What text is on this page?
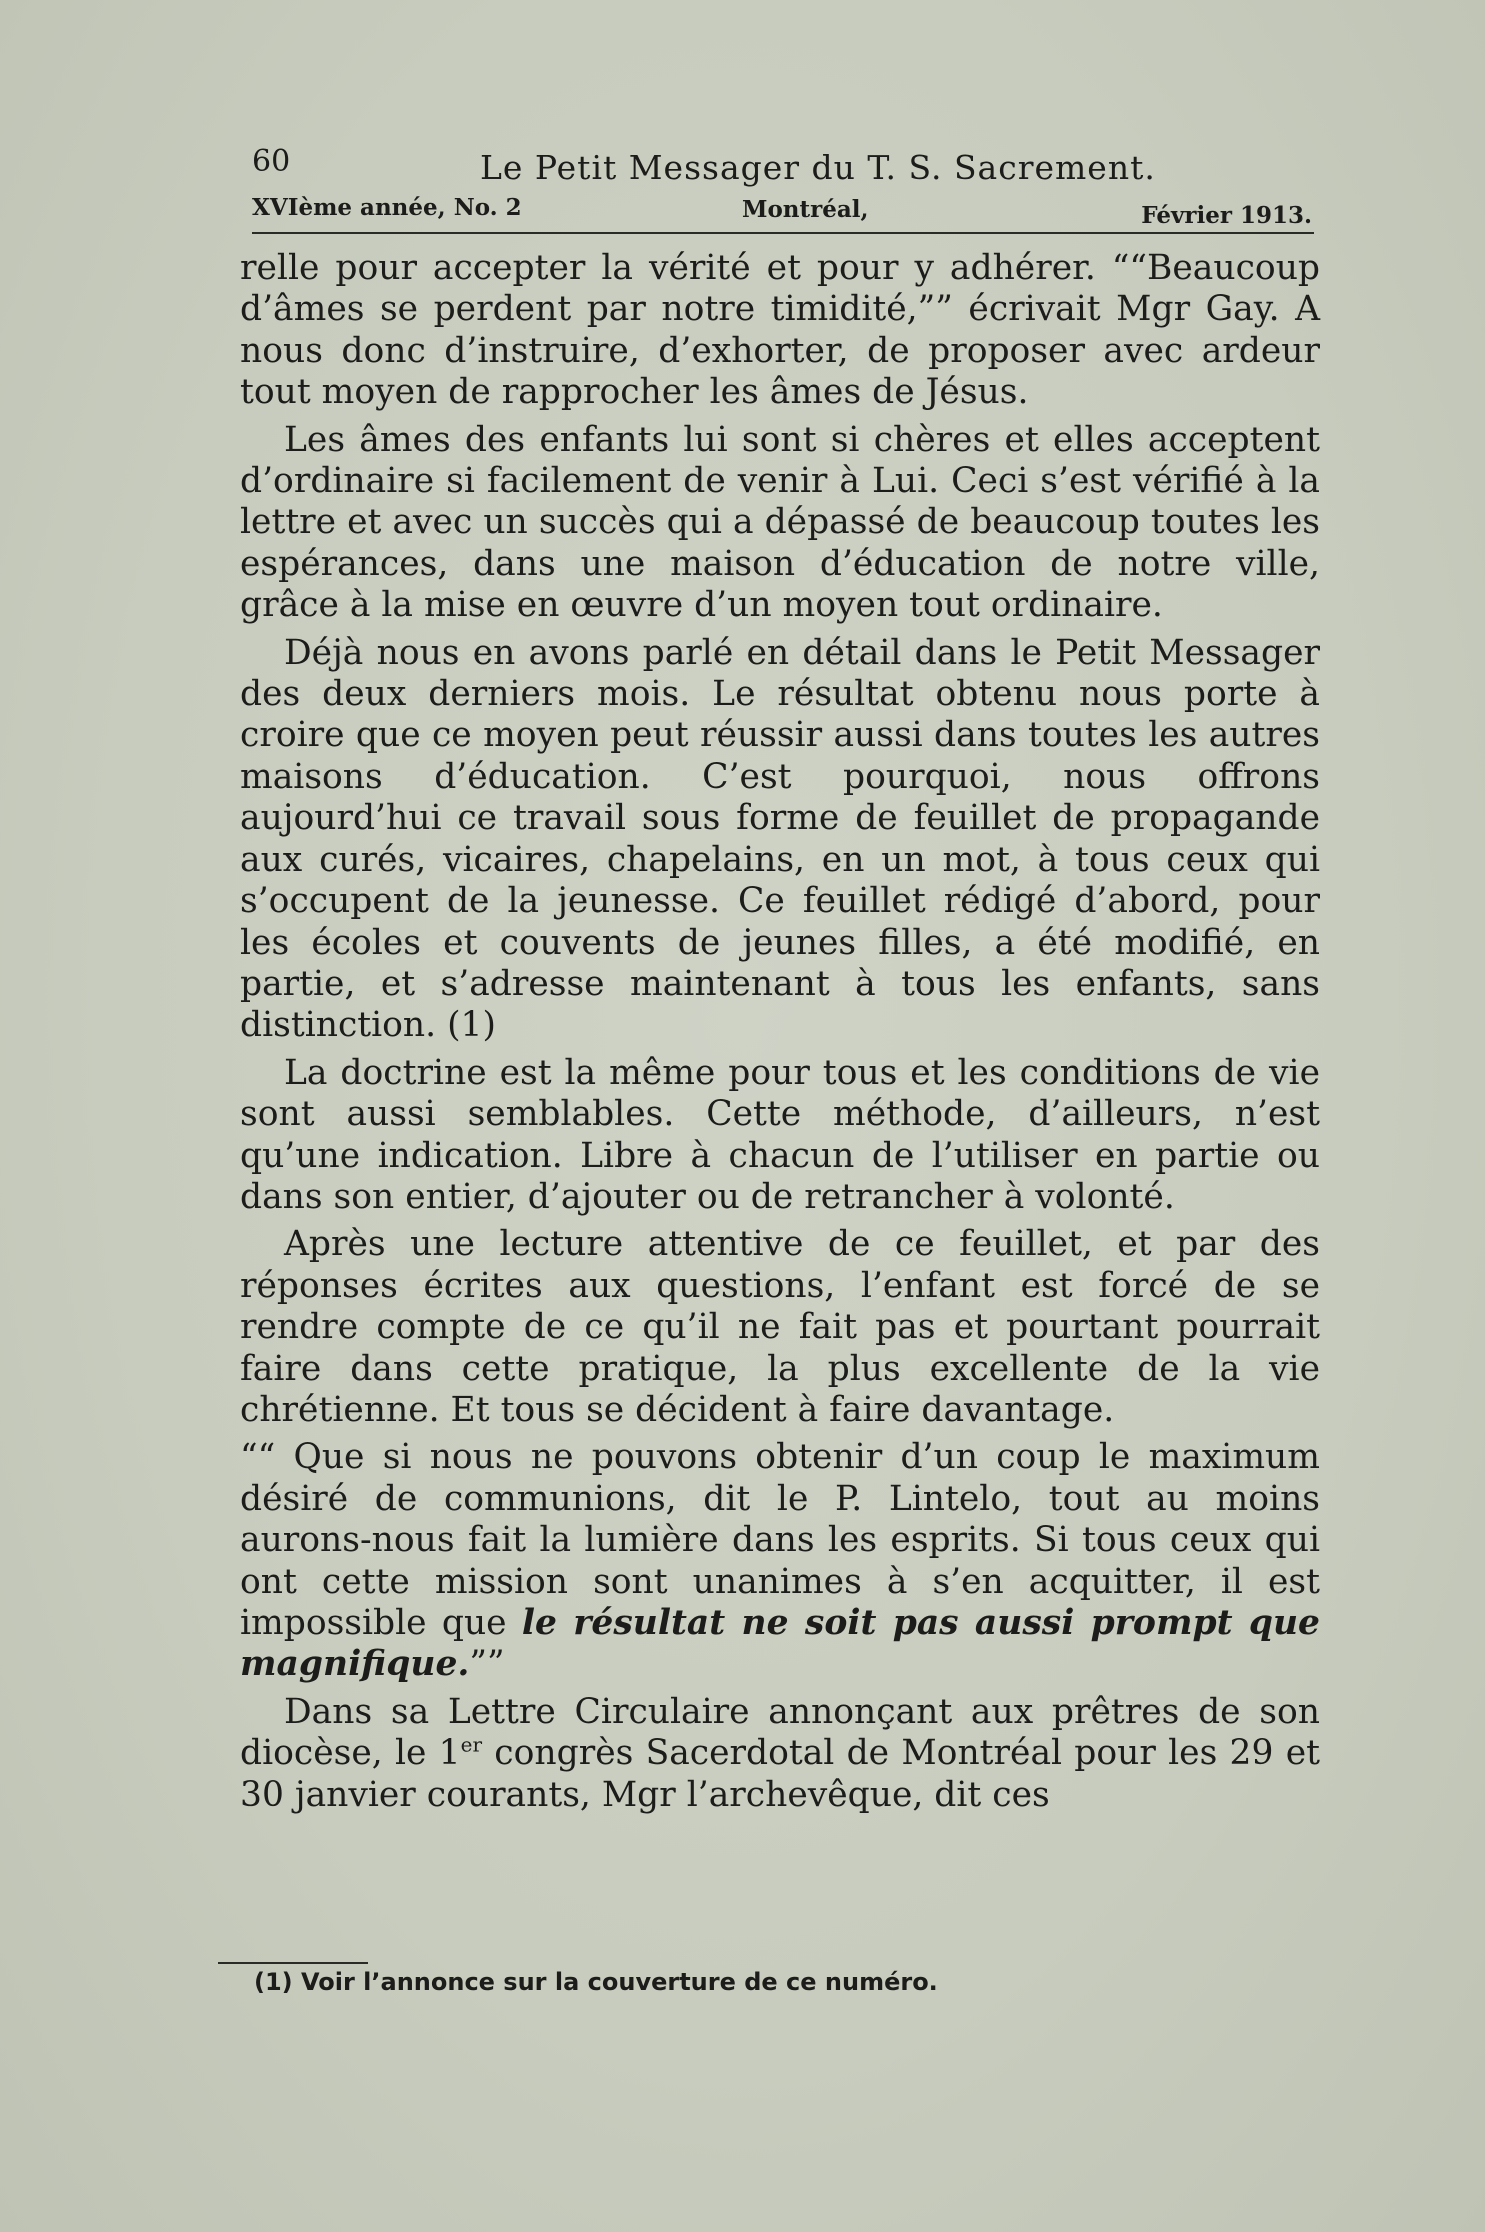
60	Le Petit Messager du T. S. Sacrement.
XVIème année, No. 2	Montréal,	Février 1913.

relle pour accepter la vérité et pour y adhérer. ““Beaucoup d’âmes se perdent par notre timidité,”” écrivait Mgr Gay. A nous donc d’instruire, d’exhorter, de proposer avec ardeur tout moyen de rapprocher les âmes de Jésus.

Les âmes des enfants lui sont si chères et elles acceptent d’ordinaire si facilement de venir à Lui. Ceci s’est vérifié à la lettre et avec un succès qui a dépassé de beaucoup toutes les espérances, dans une maison d’éducation de notre ville, grâce à la mise en œuvre d’un moyen tout ordinaire.

Déjà nous en avons parlé en détail dans le Petit Messager des deux derniers mois. Le résultat obtenu nous porte à croire que ce moyen peut réussir aussi dans toutes les autres maisons d’éducation. C’est pourquoi, nous offrons aujourd’hui ce travail sous forme de feuillet de propagande aux curés, vicaires, chapelains, en un mot, à tous ceux qui s’occupent de la jeunesse. Ce feuillet rédigé d’abord, pour les écoles et couvents de jeunes filles, a été modifié, en partie, et s’adresse maintenant à tous les enfants, sans distinction. (1)

La doctrine est la même pour tous et les conditions de vie sont aussi semblables. Cette méthode, d’ailleurs, n’est qu’une indication. Libre à chacun de l’utiliser en partie ou dans son entier, d’ajouter ou de retrancher à volonté.

Après une lecture attentive de ce feuillet, et par des réponses écrites aux questions, l’enfant est forcé de se rendre compte de ce qu’il ne fait pas et pourtant pourrait faire dans cette pratique, la plus excellente de la vie chrétienne. Et tous se décident à faire davantage.

““ Que si nous ne pouvons obtenir d’un coup le maximum désiré de communions, dit le P. Lintelo, tout au moins aurons-nous fait la lumière dans les esprits. Si tous ceux qui ont cette mission sont unanimes à s’en acquitter, il est impossible que le résultat ne soit pas aussi prompt que magnifique.””

Dans sa Lettre Circulaire annonçant aux prêtres de son diocèse, le 1er congrès Sacerdotal de Montréal pour les 29 et 30 janvier courants, Mgr l’archevêque, dit ces

(1) Voir l’annonce sur la couverture de ce numéro.
